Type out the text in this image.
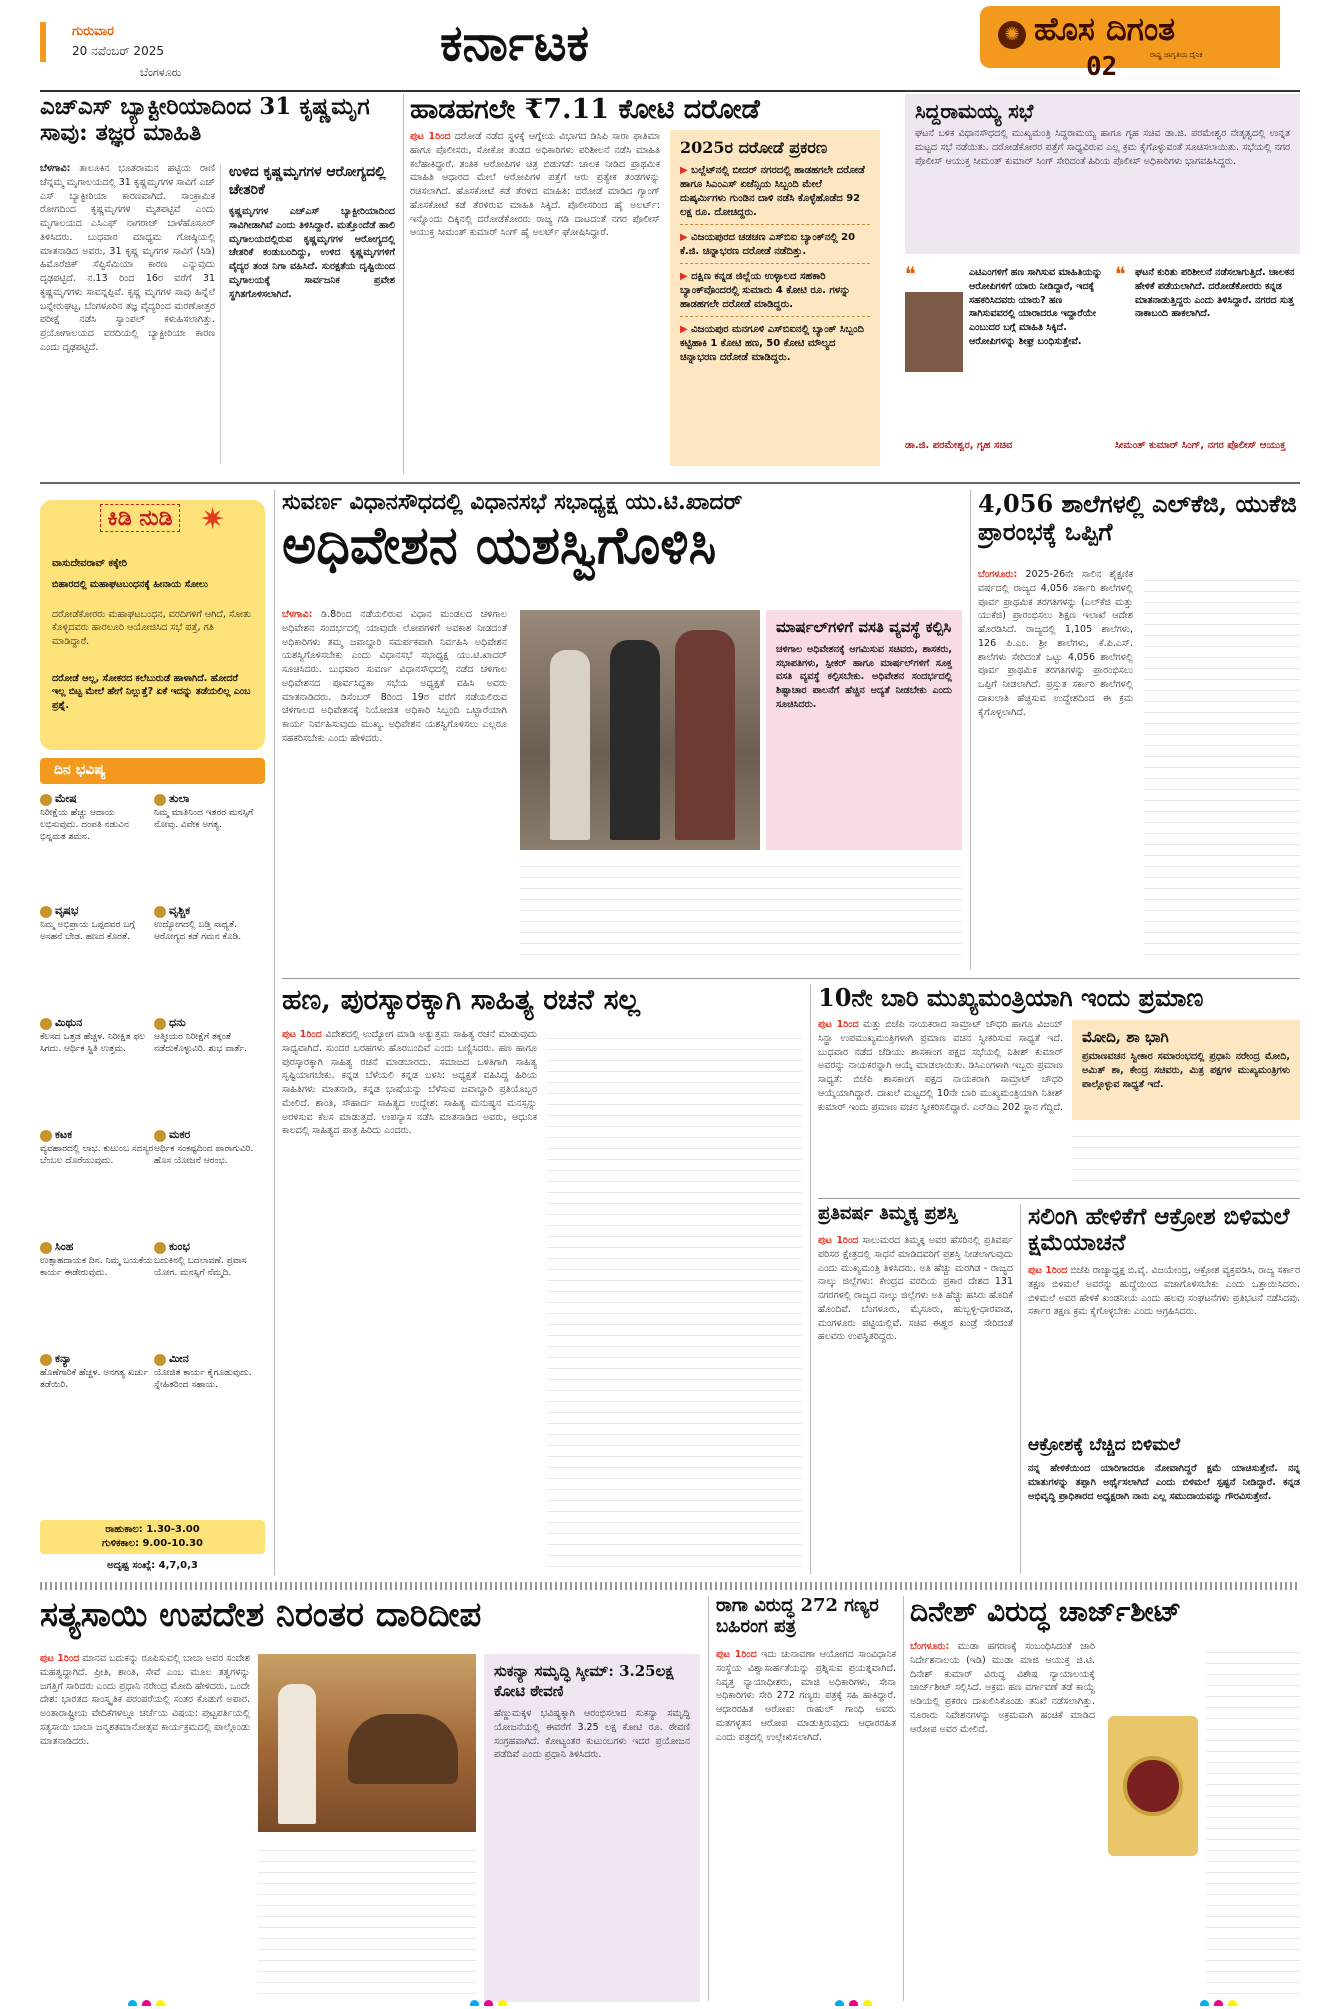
ಗುರುವಾರ
20 ನವೆಂಬರ್ 2025
ಬೆಂಗಳೂರು
ಕರ್ನಾಟಕ	✺ ಹೊಸ ದಿಗಂತ
ರಾಷ್ಟ್ರ ಜಾಗೃತಿಯ ದೈನಿಕ
02
ಎಚ್‌ಎಸ್ ಬ್ಯಾಕ್ಟೀರಿಯಾದಿಂದ 31 ಕೃಷ್ಣಮೃಗ ಸಾವು: ತಜ್ಞರ ಮಾಹಿತಿ
ಬೆಳಗಾವಿ: ತಾಲೂಕಿನ ಭೂತರಾಮನ ಹಟ್ಟಿಯ ರಾಣಿ ಚೆನ್ನಮ್ಮ ಮೃಗಾಲಯದಲ್ಲಿ 31 ಕೃಷ್ಣಮೃಗಗಳ ಸಾವಿಗೆ ಎಚ್ ಎಸ್ ಬ್ಯಾಕ್ಟೀರಿಯಾ ಕಾರಣವಾಗಿದೆ. ಸಾಂಕ್ರಾಮಿಕ ರೋಗದಿಂದ ಕೃಷ್ಣಮೃಗಗಳ ಮೃತಪಟ್ಟಿವೆ ಎಂದು ಮೃಗಾಲಯದ ಎಸಿಎಫ್ ನಾಗರಾಜ್ ಬಾಳೆಹೊಸೂರ್ ತಿಳಿಸಿದರು. ಬುಧವಾರ ಮಾಧ್ಯಮ ಗೋಷ್ಠಿಯಲ್ಲಿ ಮಾತನಾಡಿದ ಅವರು, 31 ಕೃಷ್ಣ ಮೃಗಗಳ ಸಾವಿಗೆ (ಸಿಡಿ) ಹಿಮೊರೆಜಿಕ್ ಸೆಪ್ಟಿಸೆಮಿಯಾ ಕಾರಣ ಎನ್ನುವುದು ದೃಢಪಟ್ಟಿದೆ. ನ.13 ರಿಂದ 16ರ ವರೆಗೆ 31 ಕೃಷ್ಣಮೃಗಗಳು ಸಾವನ್ನಪ್ಪಿವೆ. ಕೃಷ್ಣ ಮೃಗಗಳ ಸಾವು ಹಿನ್ನೆಲೆ ಬನ್ನೇರುಘಟ್ಟ, ಬೆಂಗಳೂರಿನ ತಜ್ಞ ವೈದ್ಯರಿಂದ ಮರಣೋತ್ತರ ಪರೀಕ್ಷೆ ನಡೆಸಿ ಸ್ಯಾಂಪಲ್ ಕಳುಹಿಸಲಾಗಿತ್ತು. ಪ್ರಯೋಗಾಲಯದ ವರದಿಯಲ್ಲಿ ಬ್ಯಾಕ್ಟೀರಿಯಾ ಕಾರಣ ಎಂದು ದೃಢಪಟ್ಟಿದೆ.
ಉಳಿದ ಕೃಷ್ಣಮೃಗಗಳ ಆರೋಗ್ಯದಲ್ಲಿ ಚೇತರಿಕೆ
ಕೃಷ್ಣಮೃಗಗಳ ಎಚ್‌ಎಸ್ ಬ್ಯಾಕ್ಟೀರಿಯಾದಿಂದ ಸಾವಿಗೀಡಾಗಿವೆ ಎಂದು ತಿಳಿಸಿದ್ದಾರೆ. ಮತ್ತೊಂದೆಡೆ ಹಾಲಿ ಮೃಗಾಲಯದಲ್ಲಿರುವ ಕೃಷ್ಣಮೃಗಗಳ ಆರೋಗ್ಯದಲ್ಲಿ ಚೇತರಿಕೆ ಕಂಡುಬಂದಿದ್ದು, ಉಳಿದ ಕೃಷ್ಣಮೃಗಗಳಿಗೆ ವೈದ್ಯರ ತಂಡ ನಿಗಾ ವಹಿಸಿದೆ. ಸುರಕ್ಷತೆಯ ದೃಷ್ಟಿಯಿಂದ ಮೃಗಾಲಯಕ್ಕೆ ಸಾರ್ವಜನಿಕ ಪ್ರವೇಶ ಸ್ಥಗಿತಗೊಳಿಸಲಾಗಿದೆ.
ಹಾಡಹಗಲೇ ₹7.11 ಕೋಟಿ ದರೋಡೆ
ಪುಟ 1ರಿಂದ ದರೋಡೆ ನಡೆದ ಸ್ಥಳಕ್ಕೆ ಆಗ್ನೇಯ ವಿಭಾಗದ ಡಿಸಿಪಿ ಸಾರಾ ಫಾತಿಮಾ ಹಾಗೂ ಪೊಲೀಸರು, ಸೋಕೋ ತಂಡದ ಅಧಿಕಾರಿಗಳು ಪರಿಶೀಲನೆ ನಡೆಸಿ ಮಾಹಿತಿ ಕಲೆಹಾಕಿದ್ದಾರೆ. ತಂತಿಕ ಆರೋಪಿಗಳ ಚಿತ್ರ ಬಿಡುಗಡೆ: ಚಾಲಕ ನೀಡಿದ ಪ್ರಾಥಮಿಕ ಮಾಹಿತಿ ಆಧಾರದ ಮೇಲೆ ಆರೋಪಿಗಳ ಪತ್ತೆಗೆ ಆರು ಪ್ರತ್ಯೇಕ ತಂಡಗಳನ್ನು ರಚಿಸಲಾಗಿದೆ. ಹೊಸಕೋಟೆ ಕಡೆ ತೆರಳಿದ ಮಾಹಿತಿ: ದರೋಡೆ ಮಾಡಿದ ಗ್ಯಾಂಗ್ ಹೊಸಕೋಟೆ ಕಡೆ ತೆರಳಿರುವ ಮಾಹಿತಿ ಸಿಕ್ಕಿದೆ. ಪೊಲೀಸರಿಂದ ಹೈ ಅಲರ್ಟ್: ಇನ್ನೊಂದು ದಿಕ್ಕಿನಲ್ಲಿ ದರೋಡೆಕೋರರು ರಾಜ್ಯ ಗಡಿ ದಾಟದಂತೆ ನಗರ ಪೊಲೀಸ್ ಆಯುಕ್ತ ಸೀಮಂತ್ ಕುಮಾರ್ ಸಿಂಗ್ ಹೈ ಅಲರ್ಟ್ ಘೋಷಿಸಿದ್ದಾರೆ.
2025ರ ದರೋಡೆ ಪ್ರಕರಣ
▶ ಬಲ್ಲೆಟ್‌ನಲ್ಲಿ ಬೀದರ್ ನಗರದಲ್ಲಿ ಹಾಡಹಗಲೇ ದರೋಡೆ ಹಾಗೂ ಸಿಎಂಎಸ್ ಏಜೆನ್ಸಿಯ ಸಿಬ್ಬಂದಿ ಮೇಲೆ ದುಷ್ಕರ್ಮಿಗಳು ಗುಂಡಿನ ದಾಳಿ ನಡೆಸಿ ಕೊಳ್ಳೆಹೊಡೆದ 92 ಲಕ್ಷ ರೂ. ದೋಚಿದ್ದರು.
▶ ವಿಜಯಪುರದ ಚಡಚಣ ಎಸ್‌ಬಿಐ ಬ್ಯಾಂಕ್‌ನಲ್ಲಿ 20 ಕೆ.ಜಿ. ಚಿನ್ನಾಭರಣ ದರೋಡೆ ನಡೆದಿತ್ತು.
▶ ದಕ್ಷಿಣ ಕನ್ನಡ ಜಿಲ್ಲೆಯ ಉಳ್ಳಾಲದ ಸಹಕಾರಿ ಬ್ಯಾಂಕ್‌ವೊಂದರಲ್ಲಿ ಸುಮಾರು 4 ಕೋಟಿ ರೂ. ಗಳನ್ನು ಹಾಡಹಗಲೇ ದರೋಡೆ ಮಾಡಿದ್ದರು.
▶ ವಿಜಯಪುರ ಮನಗೂಳಿ ಎಸ್‌ಬಿಐನಲ್ಲಿ ಬ್ಯಾಂಕ್ ಸಿಬ್ಬಂದಿ ಕಟ್ಟಿಹಾಕಿ 1 ಕೋಟಿ ಹಣ, 50 ಕೋಟಿ ಮೌಲ್ಯದ ಚಿನ್ನಾಭರಣ ದರೋಡೆ ಮಾಡಿದ್ದರು.
ಸಿದ್ದರಾಮಯ್ಯ ಸಭೆ
ಘಟನೆ ಬಳಿಕ ವಿಧಾನಸೌಧದಲ್ಲಿ ಮುಖ್ಯಮಂತ್ರಿ ಸಿದ್ದರಾಮಯ್ಯ ಹಾಗೂ ಗೃಹ ಸಚಿವ ಡಾ.ಜಿ. ಪರಮೇಶ್ವರ ನೇತೃತ್ವದಲ್ಲಿ ಉನ್ನತ ಮಟ್ಟದ ಸಭೆ ನಡೆಯಿತು. ದರೋಡೆಕೋರರ ಪತ್ತೆಗೆ ಸಾಧ್ಯವಿರುವ ಎಲ್ಲ ಕ್ರಮ ಕೈಗೊಳ್ಳುವಂತೆ ಸೂಚಿಸಲಾಯಿತು. ಸಭೆಯಲ್ಲಿ ನಗರ ಪೊಲೀಸ್ ಆಯುಕ್ತ ಸೀಮಂತ್ ಕುಮಾರ್ ಸಿಂಗ್ ಸೇರಿದಂತೆ ಹಿರಿಯ ಪೊಲೀಸ್ ಅಧಿಕಾರಿಗಳು ಭಾಗವಹಿಸಿದ್ದರು.
❝	ಎಟಿಎಂಗಳಿಗೆ ಹಣ ಸಾಗಿಸುವ ಮಾಹಿತಿಯನ್ನು ಆರೋಪಿಗಳಿಗೆ ಯಾರು ನೀಡಿದ್ದಾರೆ, ಇದಕ್ಕೆ ಸಹಕರಿಸಿದವರು ಯಾರು? ಹಣ ಸಾಗಿಸುವವರಲ್ಲಿ ಯಾರಾದರೂ ಇದ್ದಾರೆಯೇ ಎಂಬುದರ ಬಗ್ಗೆ ಮಾಹಿತಿ ಸಿಕ್ಕಿದೆ. ಆರೋಪಿಗಳನ್ನು ಶೀಘ್ರ ಬಂಧಿಸುತ್ತೇವೆ.
ಡಾ.ಜಿ. ಪರಮೇಶ್ವರ, ಗೃಹ ಸಚಿವ
❝ ಘಟನೆ ಕುರಿತು ಪರಿಶೀಲನೆ ನಡೆಸಲಾಗುತ್ತಿದೆ. ಚಾಲಕನ ಹೇಳಿಕೆ ಪಡೆಯಲಾಗಿದೆ. ದರೋಡೆಕೋರರು ಕನ್ನಡ ಮಾತನಾಡುತ್ತಿದ್ದರು ಎಂದು ತಿಳಿಸಿದ್ದಾರೆ. ನಗರದ ಸುತ್ತ ನಾಕಾಬಂದಿ ಹಾಕಲಾಗಿದೆ.
ಸೀಮಂತ್ ಕುಮಾರ್ ಸಿಂಗ್, ನಗರ ಪೊಲೀಸ್ ಆಯುಕ್ತ
ಕಿಡಿ ನುಡಿ ✷
ವಾಸುದೇವರಾವ್ ಕಕ್ಕೇರಿ
ಬಿಹಾರದಲ್ಲಿ ಮಹಾಘಟಬಂಧನಕ್ಕೆ ಹೀನಾಯ ಸೋಲು
ದರೋಡೆಕೋರರು ಮಹಾಘಟಬಂಧನ, ವರದಿಗಳಿಗೆ ಆಗಿದೆ, ಸೋತು ಕೊಳ್ಳಿದವರು ಹಾರಲೂರಿ ಆಯೋಜಿಸಿದ ಸಭೆ ಪತ್ತೆ, ಗತಿ ಮಾಡಿದ್ದಾರೆ.
ದರೋಡೆ ಆಲ್ಲ, ಸೋಕರದ ಕಲೆಬುರುಡೆ ಹಾಳಾಗಿದೆ. ಹೋದರೆ ಇಲ್ಲ ಬಿಟ್ಟ ಮೇಲೆ ಹೇಗೆ ನಿಲ್ಲುತ್ತೆ? ಏಕೆ ಇದನ್ನು ತಡೆಯಲಿಲ್ಲ ಎಂಬ ಪ್ರಶ್ನೆ.
ದಿನ ಭವಿಷ್ಯ
ಮೇಷ
ನಿರೀಕ್ಷೆಯ ಹೆಚ್ಚು ಆದಾಯ ಲಭಿಸುವುದು. ದಂಪತಿ ನಡುವಿನ ಭಿನ್ನಮತ ಶಮನ.
ವೃಷಭ
ನಿಮ್ಮ ಅಭಿಪ್ರಾಯ ಒಪ್ಪದವರ ಬಗ್ಗೆ ಅಸಹನೆ ಬೇಡ. ಹಣದ ಕೊರತೆ.
ಮಿಥುನ
ಕೆಲಸದ ಒತ್ತಡ ಹೆಚ್ಚಳ. ನಿರೀಕ್ಷಿತ ಫಲ ಸಿಗದು. ಆರ್ಥಿಕ ಸ್ಥಿತಿ ಉತ್ತಮ.
ಕಟಕ
ವ್ಯವಹಾರದಲ್ಲಿ ಲಾಭ. ಕುಟುಂಬ ಸದಸ್ಯರ ಬೆಂಬಲ ದೊರೆಯುವುದು.
ಸಿಂಹ
ಉತ್ಸಾಹದಾಯಕ ದಿನ. ನಿಮ್ಮ ಬಯಕೆಯ ಕಾರ್ಯ ಈಡೇರುವುದು.
ಕನ್ಯಾ
ಹೊಣೆಗಾರಿಕೆ ಹೆಚ್ಚಳ. ಅನಗತ್ಯ ಖರ್ಚು ತಡೆಯಿರಿ.
ತುಲಾ
ನಿಮ್ಮ ಮಾತಿನಿಂದ ಇತರರ ಮನಸ್ಸಿಗೆ ನೋವು. ವಿವೇಕ ಅಗತ್ಯ.
ವೃಶ್ಚಿಕ
ಉದ್ಯೋಗದಲ್ಲಿ ಬಡ್ತಿ ಸಾಧ್ಯತೆ. ಆರೋಗ್ಯದ ಕಡೆ ಗಮನ ಕೊಡಿ.
ಧನು
ಆತ್ಮೀಯರ ನಿರೀಕ್ಷೆಗೆ ತಕ್ಕಂತೆ ನಡೆದುಕೊಳ್ಳುವಿರಿ. ಶುಭ ವಾರ್ತೆ.
ಮಕರ
ಆರ್ಥಿಕ ಸಂಕಷ್ಟದಿಂದ ಪಾರಾಗುವಿರಿ. ಹೊಸ ಯೋಜನೆ ಆರಂಭ.
ಕುಂಭ
ಬದುಕಿನಲ್ಲಿ ಬದಲಾವಣೆ. ಪ್ರವಾಸ ಯೋಗ. ಮನಸ್ಸಿಗೆ ನೆಮ್ಮದಿ.
ಮೀನ
ಯೋಜಿತ ಕಾರ್ಯ ಕೈಗೂಡುವುದು. ಸ್ನೇಹಿತರಿಂದ ಸಹಾಯ.
ರಾಹುಕಾಲ: 1.30-3.00
ಗುಳಿಕಕಾಲ: 9.00-10.30
ಅದೃಷ್ಟ ಸಂಖ್ಯೆ: 4,7,0,3
ಸುವರ್ಣ ವಿಧಾನಸೌಧದಲ್ಲಿ ವಿಧಾನಸಭೆ ಸಭಾಧ್ಯಕ್ಷ ಯು.ಟಿ.ಖಾದರ್
ಅಧಿವೇಶನ ಯಶಸ್ವಿಗೊಳಿಸಿ
ಬೆಳಗಾವಿ: ಡಿ.8ರಿಂದ ನಡೆಯಲಿರುವ ವಿಧಾನ ಮಂಡಲದ ಚಳಿಗಾಲ ಅಧಿವೇಶನ ಸಂದರ್ಭದಲ್ಲಿ ಯಾವುದೇ ಲೋಪಗಳಿಗೆ ಅವಕಾಶ ನೀಡದಂತೆ ಅಧಿಕಾರಿಗಳು ತಮ್ಮ ಜವಾಬ್ದಾರಿ ಸಮರ್ಪಕವಾಗಿ ನಿರ್ವಹಿಸಿ ಅಧಿವೇಶನ ಯಶಸ್ವಿಗೊಳಿಸಬೇಕು ಎಂದು ವಿಧಾನಸಭೆ ಸಭಾಧ್ಯಕ್ಷ ಯು.ಟಿ.ಖಾದರ್ ಸೂಚಿಸಿದರು. ಬುಧವಾರ ಸುವರ್ಣ ವಿಧಾನಸೌಧದಲ್ಲಿ ನಡೆದ ಚಳಿಗಾಲ ಅಧಿವೇಶನದ ಪೂರ್ವಸಿದ್ಧತಾ ಸಭೆಯ ಅಧ್ಯಕ್ಷತೆ ವಹಿಸಿ ಅವರು ಮಾತನಾಡಿದರು. ಡಿಸೆಂಬರ್ 8ರಿಂದ 19ರ ವರೆಗೆ ನಡೆಯಲಿರುವ ಚಳಿಗಾಲದ ಅಧಿವೇಶನಕ್ಕೆ ನಿಯೋಜಿತ ಅಧಿಕಾರಿ ಸಿಬ್ಬಂದಿ ಒಟ್ಟಾರೆಯಾಗಿ ಕಾರ್ಯ ನಿರ್ವಹಿಸುವುದು ಮುಖ್ಯ. ಅಧಿವೇಶನ ಯಶಸ್ವಿಗೊಳಿಸಲು ಎಲ್ಲರೂ ಸಹಕರಿಸಬೇಕು ಎಂದು ಹೇಳಿದರು.
ಮಾರ್ಷಲ್‌ಗಳಿಗೆ ವಸತಿ ವ್ಯವಸ್ಥೆ ಕಲ್ಪಿಸಿ
ಚಳಿಗಾಲ ಅಧಿವೇಶನಕ್ಕೆ ಆಗಮಿಸುವ ಸಚಿವರು, ಶಾಸಕರು, ಸಭಾಪತಿಗಳು, ಸ್ಪೀಕರ್ ಹಾಗೂ ಮಾರ್ಷಲ್‌ಗಳಿಗೆ ಸೂಕ್ತ ವಸತಿ ವ್ಯವಸ್ಥೆ ಕಲ್ಪಿಸಬೇಕು. ಅಧಿವೇಶನ ಸಂದರ್ಭದಲ್ಲಿ ಶಿಷ್ಟಾಚಾರ ಪಾಲನೆಗೆ ಹೆಚ್ಚಿನ ಆದ್ಯತೆ ನೀಡಬೇಕು ಎಂದು ಸೂಚಿಸಿದರು.
4,056 ಶಾಲೆಗಳಲ್ಲಿ ಎಲ್‌ಕೆಜಿ, ಯುಕೆಜಿ ಪ್ರಾರಂಭಕ್ಕೆ ಒಪ್ಪಿಗೆ
ಬೆಂಗಳೂರು: 2025-26ನೇ ಸಾಲಿನ ಶೈಕ್ಷಣಿಕ ವರ್ಷದಲ್ಲಿ ರಾಜ್ಯದ 4,056 ಸರ್ಕಾರಿ ಶಾಲೆಗಳಲ್ಲಿ ಪೂರ್ವ ಪ್ರಾಥಮಿಕ ತರಗತಿಗಳನ್ನು (ಎಲ್‌ಕೆಜಿ ಮತ್ತು ಯುಕೆಜಿ) ಪ್ರಾರಂಭಿಸಲು ಶಿಕ್ಷಣ ಇಲಾಖೆ ಆದೇಶ ಹೊರಡಿಸಿದೆ. ರಾಜ್ಯದಲ್ಲಿ 1,105 ಶಾಲೆಗಳು, 126 ಪಿ.ಎಂ. ಶ್ರೀ ಶಾಲೆಗಳು, ಕೆ.ಪಿ.ಎಸ್. ಶಾಲೆಗಳು ಸೇರಿದಂತೆ ಒಟ್ಟು 4,056 ಶಾಲೆಗಳಲ್ಲಿ ಪೂರ್ವ ಪ್ರಾಥಮಿಕ ತರಗತಿಗಳನ್ನು ಪ್ರಾರಂಭಿಸಲು ಒಪ್ಪಿಗೆ ನೀಡಲಾಗಿದೆ. ಪ್ರಸ್ತುತ ಸರ್ಕಾರಿ ಶಾಲೆಗಳಲ್ಲಿ ದಾಖಲಾತಿ ಹೆಚ್ಚಿಸುವ ಉದ್ದೇಶದಿಂದ ಈ ಕ್ರಮ ಕೈಗೊಳ್ಳಲಾಗಿದೆ.
ಹಣ, ಪುರಸ್ಕಾರಕ್ಕಾಗಿ ಸಾಹಿತ್ಯ ರಚನೆ ಸಲ್ಲ
ಪುಟ 1ರಿಂದ ವಿದೇಶದಲ್ಲಿ ಉದ್ಯೋಗ ಮಾಡಿ ಅತ್ಯುತ್ತಮ ಸಾಹಿತ್ಯ ರಚನೆ ಮಾಡುವುದು ಸಾಧ್ಯವಾಗಿದೆ. ಸುಂದರ ಬರಹಗಳು ಹೊರಬಂದಿವೆ ಎಂದು ಬಣ್ಣಿಸಿದರು. ಹಣ ಹಾಗೂ ಪುರಸ್ಕಾರಕ್ಕಾಗಿ ಸಾಹಿತ್ಯ ರಚನೆ ಮಾಡಬಾರದು. ಸಮಾಜದ ಒಳಿತಿಗಾಗಿ ಸಾಹಿತ್ಯ ಸೃಷ್ಟಿಯಾಗಬೇಕು. ಕನ್ನಡ ಬೆಳೆಯಲಿ ಕನ್ನಡ ಬಳಸಿ: ಅಧ್ಯಕ್ಷತೆ ವಹಿಸಿದ್ದ ಹಿರಿಯ ಸಾಹಿತಿಗಳು ಮಾತನಾಡಿ, ಕನ್ನಡ ಭಾಷೆಯನ್ನು ಬೆಳೆಸುವ ಜವಾಬ್ದಾರಿ ಪ್ರತಿಯೊಬ್ಬರ ಮೇಲಿದೆ. ಶಾಂತಿ, ಸೌಹಾರ್ದ ಸಾಹಿತ್ಯದ ಉದ್ದೇಶ: ಸಾಹಿತ್ಯ ಮನುಷ್ಯನ ಮನಸ್ಸನ್ನು ಅರಳಿಸುವ ಕೆಲಸ ಮಾಡುತ್ತದೆ. ಉಪನ್ಯಾಸ ನಡೆಸಿ ಮಾತನಾಡಿದ ಅವರು, ಆಧುನಿಕ ಕಾಲದಲ್ಲಿ ಸಾಹಿತ್ಯದ ಪಾತ್ರ ಹಿರಿದು ಎಂದರು.
10ನೇ ಬಾರಿ ಮುಖ್ಯಮಂತ್ರಿಯಾಗಿ ಇಂದು ಪ್ರಮಾಣ
ಪುಟ 1ರಿಂದ ಮತ್ತು ಬಿಜೆಪಿ ನಾಯಕರಾದ ಸಾಮ್ರಾಟ್ ಚೌಧರಿ ಹಾಗೂ ವಿಜಯ್ ಸಿನ್ಹಾ ಉಪಮುಖ್ಯಮಂತ್ರಿಗಳಾಗಿ ಪ್ರಮಾಣ ವಚನ ಸ್ವೀಕರಿಸುವ ಸಾಧ್ಯತೆ ಇದೆ. ಬುಧವಾರ ನಡೆದ ಜೆಡಿಯು ಶಾಸಕಾಂಗ ಪಕ್ಷದ ಸಭೆಯಲ್ಲಿ ನಿತೀಶ್ ಕುಮಾರ್ ಅವರನ್ನು ನಾಯಕರನ್ನಾಗಿ ಆಯ್ಕೆ ಮಾಡಲಾಯಿತು. ಡಿಸಿಎಂಗಳಾಗಿ ಇಬ್ಬರು ಪ್ರಮಾಣ ಸಾಧ್ಯತೆ: ಬಿಜೆಪಿ ಶಾಸಕಾಂಗ ಪಕ್ಷದ ನಾಯಕರಾಗಿ ಸಾಮ್ರಾಟ್ ಚೌಧರಿ ಆಯ್ಕೆಯಾಗಿದ್ದಾರೆ. ದಾಖಲೆ ಮಟ್ಟದಲ್ಲಿ 10ನೇ ಬಾರಿ ಮುಖ್ಯಮಂತ್ರಿಯಾಗಿ ನಿತೀಶ್ ಕುಮಾರ್ ಇಂದು ಪ್ರಮಾಣ ವಚನ ಸ್ವೀಕರಿಸಲಿದ್ದಾರೆ. ಎನ್‌ಡಿಎ 202 ಸ್ಥಾನ ಗೆದ್ದಿದೆ.
ಮೋದಿ, ಶಾ ಭಾಗಿ
ಪ್ರಮಾಣವಚನ ಸ್ವೀಕಾರ ಸಮಾರಂಭದಲ್ಲಿ ಪ್ರಧಾನಿ ನರೇಂದ್ರ ಮೋದಿ, ಅಮಿತ್ ಶಾ, ಕೇಂದ್ರ ಸಚಿವರು, ಮಿತ್ರ ಪಕ್ಷಗಳ ಮುಖ್ಯಮಂತ್ರಿಗಳು ಪಾಲ್ಗೊಳ್ಳುವ ಸಾಧ್ಯತೆ ಇದೆ.
ಪ್ರತಿವರ್ಷ ತಿಮ್ಮಕ್ಕ ಪ್ರಶಸ್ತಿ
ಪುಟ 1ರಿಂದ ಸಾಲುಮರದ ತಿಮ್ಮಕ್ಕ ಅವರ ಹೆಸರಿನಲ್ಲಿ ಪ್ರತಿವರ್ಷ ಪರಿಸರ ಕ್ಷೇತ್ರದಲ್ಲಿ ಸಾಧನೆ ಮಾಡಿದವರಿಗೆ ಪ್ರಶಸ್ತಿ ನೀಡಲಾಗುವುದು ಎಂದು ಮುಖ್ಯಮಂತ್ರಿ ತಿಳಿಸಿದರು. ಅತಿ ಹೆಚ್ಚು ಮರಗಿಡ - ರಾಜ್ಯದ ನಾಲ್ಕು ಜಿಲ್ಲೆಗಳು: ಕೇಂದ್ರದ ವರದಿಯ ಪ್ರಕಾರ ದೇಶದ 131 ನಗರಗಳಲ್ಲಿ ರಾಜ್ಯದ ನಾಲ್ಕು ಜಿಲ್ಲೆಗಳು ಅತಿ ಹೆಚ್ಚು ಹಸಿರು ಹೊದಿಕೆ ಹೊಂದಿವೆ. ಬೆಂಗಳೂರು, ಮೈಸೂರು, ಹುಬ್ಬಳ್ಳಿ-ಧಾರವಾಡ, ಮಂಗಳೂರು ಪಟ್ಟಿಯಲ್ಲಿವೆ. ಸಚಿವ ಈಶ್ವರ ಖಂಡ್ರೆ ಸೇರಿದಂತೆ ಹಲವರು ಉಪಸ್ಥಿತರಿದ್ದರು.
ಸಲಿಂಗಿ ಹೇಳಿಕೆಗೆ ಆಕ್ರೋಶ ಬಿಳಿಮಲೆ ಕ್ಷಮೆಯಾಚನೆ
ಪುಟ 1ರಿಂದ ಬಿಜೆಪಿ ರಾಜ್ಯಾಧ್ಯಕ್ಷ ಬಿ.ವೈ. ವಿಜಯೇಂದ್ರ, ಆಕ್ರೋಶ ವ್ಯಕ್ತಪಡಿಸಿ, ರಾಜ್ಯ ಸರ್ಕಾರ ತಕ್ಷಣ ಬಿಳಿಮಲೆ ಅವರನ್ನು ಹುದ್ದೆಯಿಂದ ವಜಾಗೊಳಿಸಬೇಕು ಎಂದು ಒತ್ತಾಯಿಸಿದರು. ಬಿಳಿಮಲೆ ಅವರ ಹೇಳಿಕೆ ಖಂಡನೀಯ ಎಂದು ಹಲವು ಸಂಘಟನೆಗಳು ಪ್ರತಿಭಟನೆ ನಡೆಸಿದವು. ಸರ್ಕಾರ ತಕ್ಷಣ ಕ್ರಮ ಕೈಗೊಳ್ಳಬೇಕು ಎಂದು ಆಗ್ರಹಿಸಿದರು.
ಆಕ್ರೋಶಕ್ಕೆ ಬೆಚ್ಚಿದ ಬಿಳಿಮಲೆ
ನನ್ನ ಹೇಳಿಕೆಯಿಂದ ಯಾರಿಗಾದರೂ ನೋವಾಗಿದ್ದರೆ ಕ್ಷಮೆ ಯಾಚಿಸುತ್ತೇನೆ. ನನ್ನ ಮಾತುಗಳನ್ನು ತಪ್ಪಾಗಿ ಅರ್ಥೈಸಲಾಗಿದೆ ಎಂದು ಬಿಳಿಮಲೆ ಸ್ಪಷ್ಟನೆ ನೀಡಿದ್ದಾರೆ. ಕನ್ನಡ ಅಭಿವೃದ್ಧಿ ಪ್ರಾಧಿಕಾರದ ಅಧ್ಯಕ್ಷರಾಗಿ ನಾನು ಎಲ್ಲ ಸಮುದಾಯವನ್ನು ಗೌರವಿಸುತ್ತೇನೆ.
ಸತ್ಯಸಾಯಿ ಉಪದೇಶ ನಿರಂತರ ದಾರಿದೀಪ
ಪುಟ 1ರಿಂದ ಮಾನವ ಬದುಕನ್ನು ರೂಪಿಸುವಲ್ಲಿ ಬಾಬಾ ಅವರ ಸಂದೇಶ ಮಹತ್ವದ್ದಾಗಿದೆ. ಪ್ರೀತಿ, ಶಾಂತಿ, ಸೇವೆ ಎಂಬ ಮೂಲ ತತ್ವಗಳನ್ನು ಜಗತ್ತಿಗೆ ಸಾರಿದರು ಎಂದು ಪ್ರಧಾನಿ ನರೇಂದ್ರ ಮೋದಿ ಹೇಳಿದರು. ಒಂದೇ ದೇಶ: ಭಾರತದ ಸಾಂಸ್ಕೃತಿಕ ಪರಂಪರೆಯಲ್ಲಿ ಸಂತರ ಕೊಡುಗೆ ಅಪಾರ. ಅಂತಾರಾಷ್ಟ್ರೀಯ ವೇದಿಕೆಗಳಲ್ಲೂ ಚರ್ಚೆಯ ವಿಷಯ: ಪುಟ್ಟಪರ್ತಿಯಲ್ಲಿ ಸತ್ಯಸಾಯಿ ಬಾಬಾ ಜನ್ಮಶತಮಾನೋತ್ಸವ ಕಾರ್ಯಕ್ರಮದಲ್ಲಿ ಪಾಲ್ಗೊಂಡು ಮಾತನಾಡಿದರು.
ಸುಕನ್ಯಾ ಸಮೃದ್ಧಿ ಸ್ಕೀಮ್: 3.25ಲಕ್ಷ ಕೋಟಿ ಠೇವಣಿ
ಹೆಣ್ಣುಮಕ್ಕಳ ಭವಿಷ್ಯಕ್ಕಾಗಿ ಆರಂಭಿಸಲಾದ ಸುಕನ್ಯಾ ಸಮೃದ್ಧಿ ಯೋಜನೆಯಲ್ಲಿ ಈವರೆಗೆ 3.25 ಲಕ್ಷ ಕೋಟಿ ರೂ. ಠೇವಣಿ ಸಂಗ್ರಹವಾಗಿದೆ. ಕೋಟ್ಯಂತರ ಕುಟುಂಬಗಳು ಇದರ ಪ್ರಯೋಜನ ಪಡೆದಿವೆ ಎಂದು ಪ್ರಧಾನಿ ತಿಳಿಸಿದರು.
ರಾಗಾ ವಿರುದ್ಧ 272 ಗಣ್ಯರ ಬಹಿರಂಗ ಪತ್ರ
ಪುಟ 1ರಿಂದ ಇದು ಚುನಾವಣಾ ಆಯೋಗದ ಸಾಂವಿಧಾನಿಕ ಸಂಸ್ಥೆಯ ವಿಶ್ವಾಸಾರ್ಹತೆಯನ್ನು ಪ್ರಶ್ನಿಸುವ ಪ್ರಯತ್ನವಾಗಿದೆ. ನಿವೃತ್ತ ನ್ಯಾಯಾಧೀಶರು, ಮಾಜಿ ಅಧಿಕಾರಿಗಳು, ಸೇನಾ ಅಧಿಕಾರಿಗಳು ಸೇರಿ 272 ಗಣ್ಯರು ಪತ್ರಕ್ಕೆ ಸಹಿ ಹಾಕಿದ್ದಾರೆ. ಆಧಾರರಹಿತ ಆರೋಪ: ರಾಹುಲ್ ಗಾಂಧಿ ಅವರು ಮತಗಳ್ಳತನ ಆರೋಪ ಮಾಡುತ್ತಿರುವುದು ಆಧಾರರಹಿತ ಎಂದು ಪತ್ರದಲ್ಲಿ ಉಲ್ಲೇಖಿಸಲಾಗಿದೆ.
ದಿನೇಶ್ ವಿರುದ್ಧ ಚಾರ್ಜ್‌ಶೀಟ್
ಬೆಂಗಳೂರು: ಮುಡಾ ಹಗರಣಕ್ಕೆ ಸಂಬಂಧಿಸಿದಂತೆ ಜಾರಿ ನಿರ್ದೇಶನಾಲಯ (ಇಡಿ) ಮುಡಾ ಮಾಜಿ ಆಯುಕ್ತ ಜಿ.ಟಿ. ದಿನೇಶ್ ಕುಮಾರ್ ವಿರುದ್ಧ ವಿಶೇಷ ನ್ಯಾಯಾಲಯಕ್ಕೆ ಚಾರ್ಜ್‌ಶೀಟ್ ಸಲ್ಲಿಸಿದೆ. ಅಕ್ರಮ ಹಣ ವರ್ಗಾವಣೆ ತಡೆ ಕಾಯ್ದೆ ಅಡಿಯಲ್ಲಿ ಪ್ರಕರಣ ದಾಖಲಿಸಿಕೊಂಡು ತನಿಖೆ ನಡೆಸಲಾಗಿತ್ತು. ನೂರಾರು ನಿವೇಶನಗಳನ್ನು ಅಕ್ರಮವಾಗಿ ಹಂಚಿಕೆ ಮಾಡಿದ ಆರೋಪ ಅವರ ಮೇಲಿದೆ.
